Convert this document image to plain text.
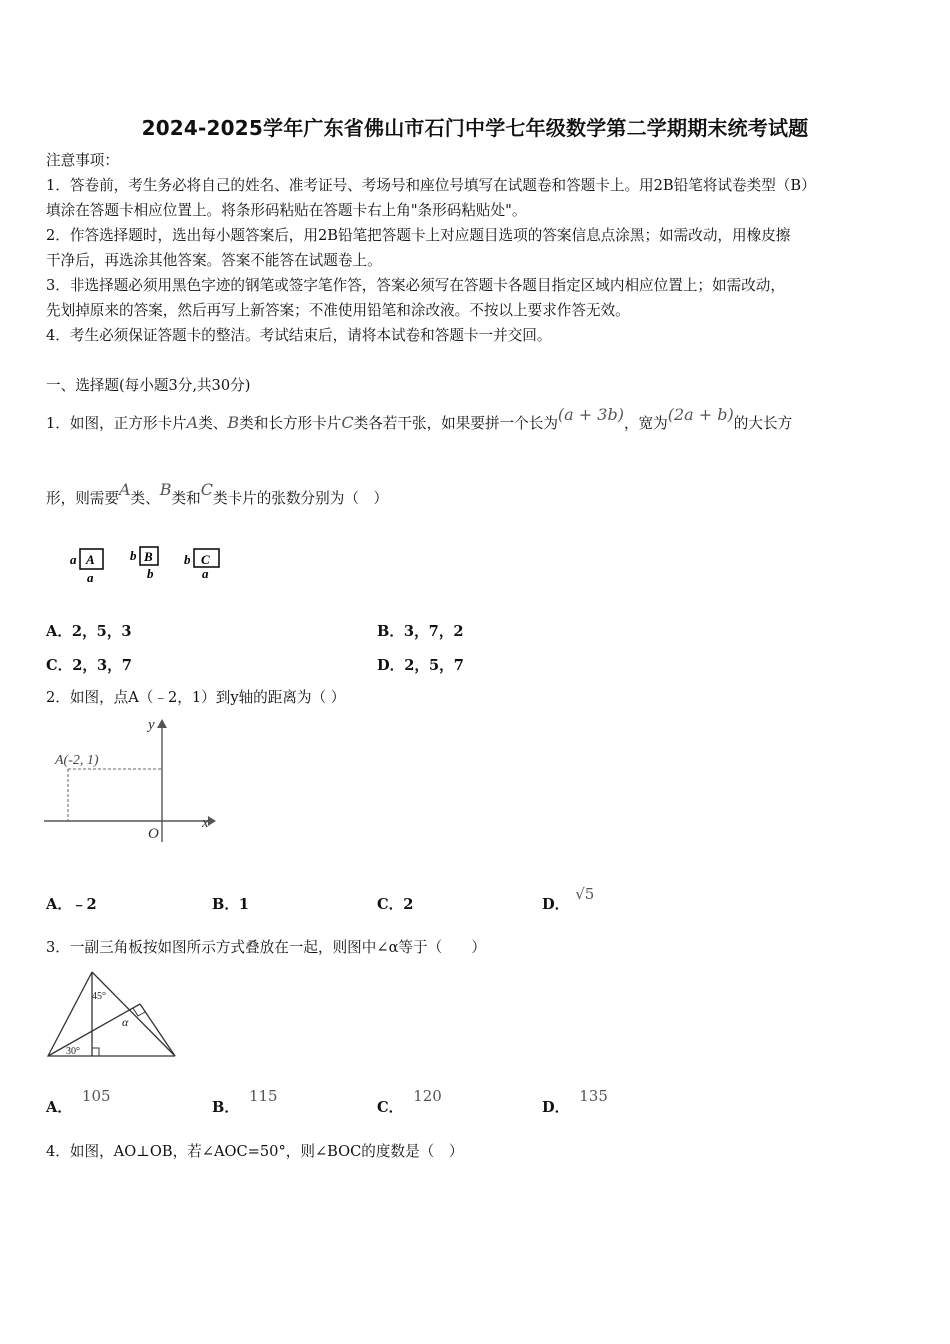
2024-2025学年广东省佛山市石门中学七年级数学第二学期期末统考试题
注意事项：
1．答卷前，考生务必将自己的姓名、准考证号、考场号和座位号填写在试题卷和答题卡上。用2B铅笔将试卷类型（B）
填涂在答题卡相应位置上。将条形码粘贴在答题卡右上角"条形码粘贴处"。
2．作答选择题时，选出每小题答案后，用2B铅笔把答题卡上对应题目选项的答案信息点涂黑；如需改动，用橡皮擦
干净后，再选涂其他答案。答案不能答在试题卷上。
3．非选择题必须用黑色字迹的钢笔或签字笔作答，答案必须写在答题卡各题目指定区域内相应位置上；如需改动，
先划掉原来的答案，然后再写上新答案；不准使用铅笔和涂改液。不按以上要求作答无效。
4．考生必须保证答题卡的整洁。考试结束后，请将本试卷和答题卡一并交回。
一、选择题(每小题3分,共30分)
1．如图，正方形卡片A类、B类和长方形卡片C类各若干张，如果要拼一个长为(a + 3b)，宽为(2a + b)的大长方
形，则需要A类、B类和C类卡片的张数分别为（　）
a A
a
b B
b
b C
a
A．2，5，3	B．3，7，2
C．2，3，7	D．2，5，7
2．如图，点A（﹣2，1）到y轴的距离为（ ）
A(-2, 1)
O
x
y
A．﹣2	B．1	C．2	D．√5
3．一副三角板按如图所示方式叠放在一起，则图中∠α等于（　　）
45°
30°
α
A．105
B．115
C．120
D．135
4．如图，AO⊥OB，若∠AOC=50°，则∠BOC的度数是（　）
